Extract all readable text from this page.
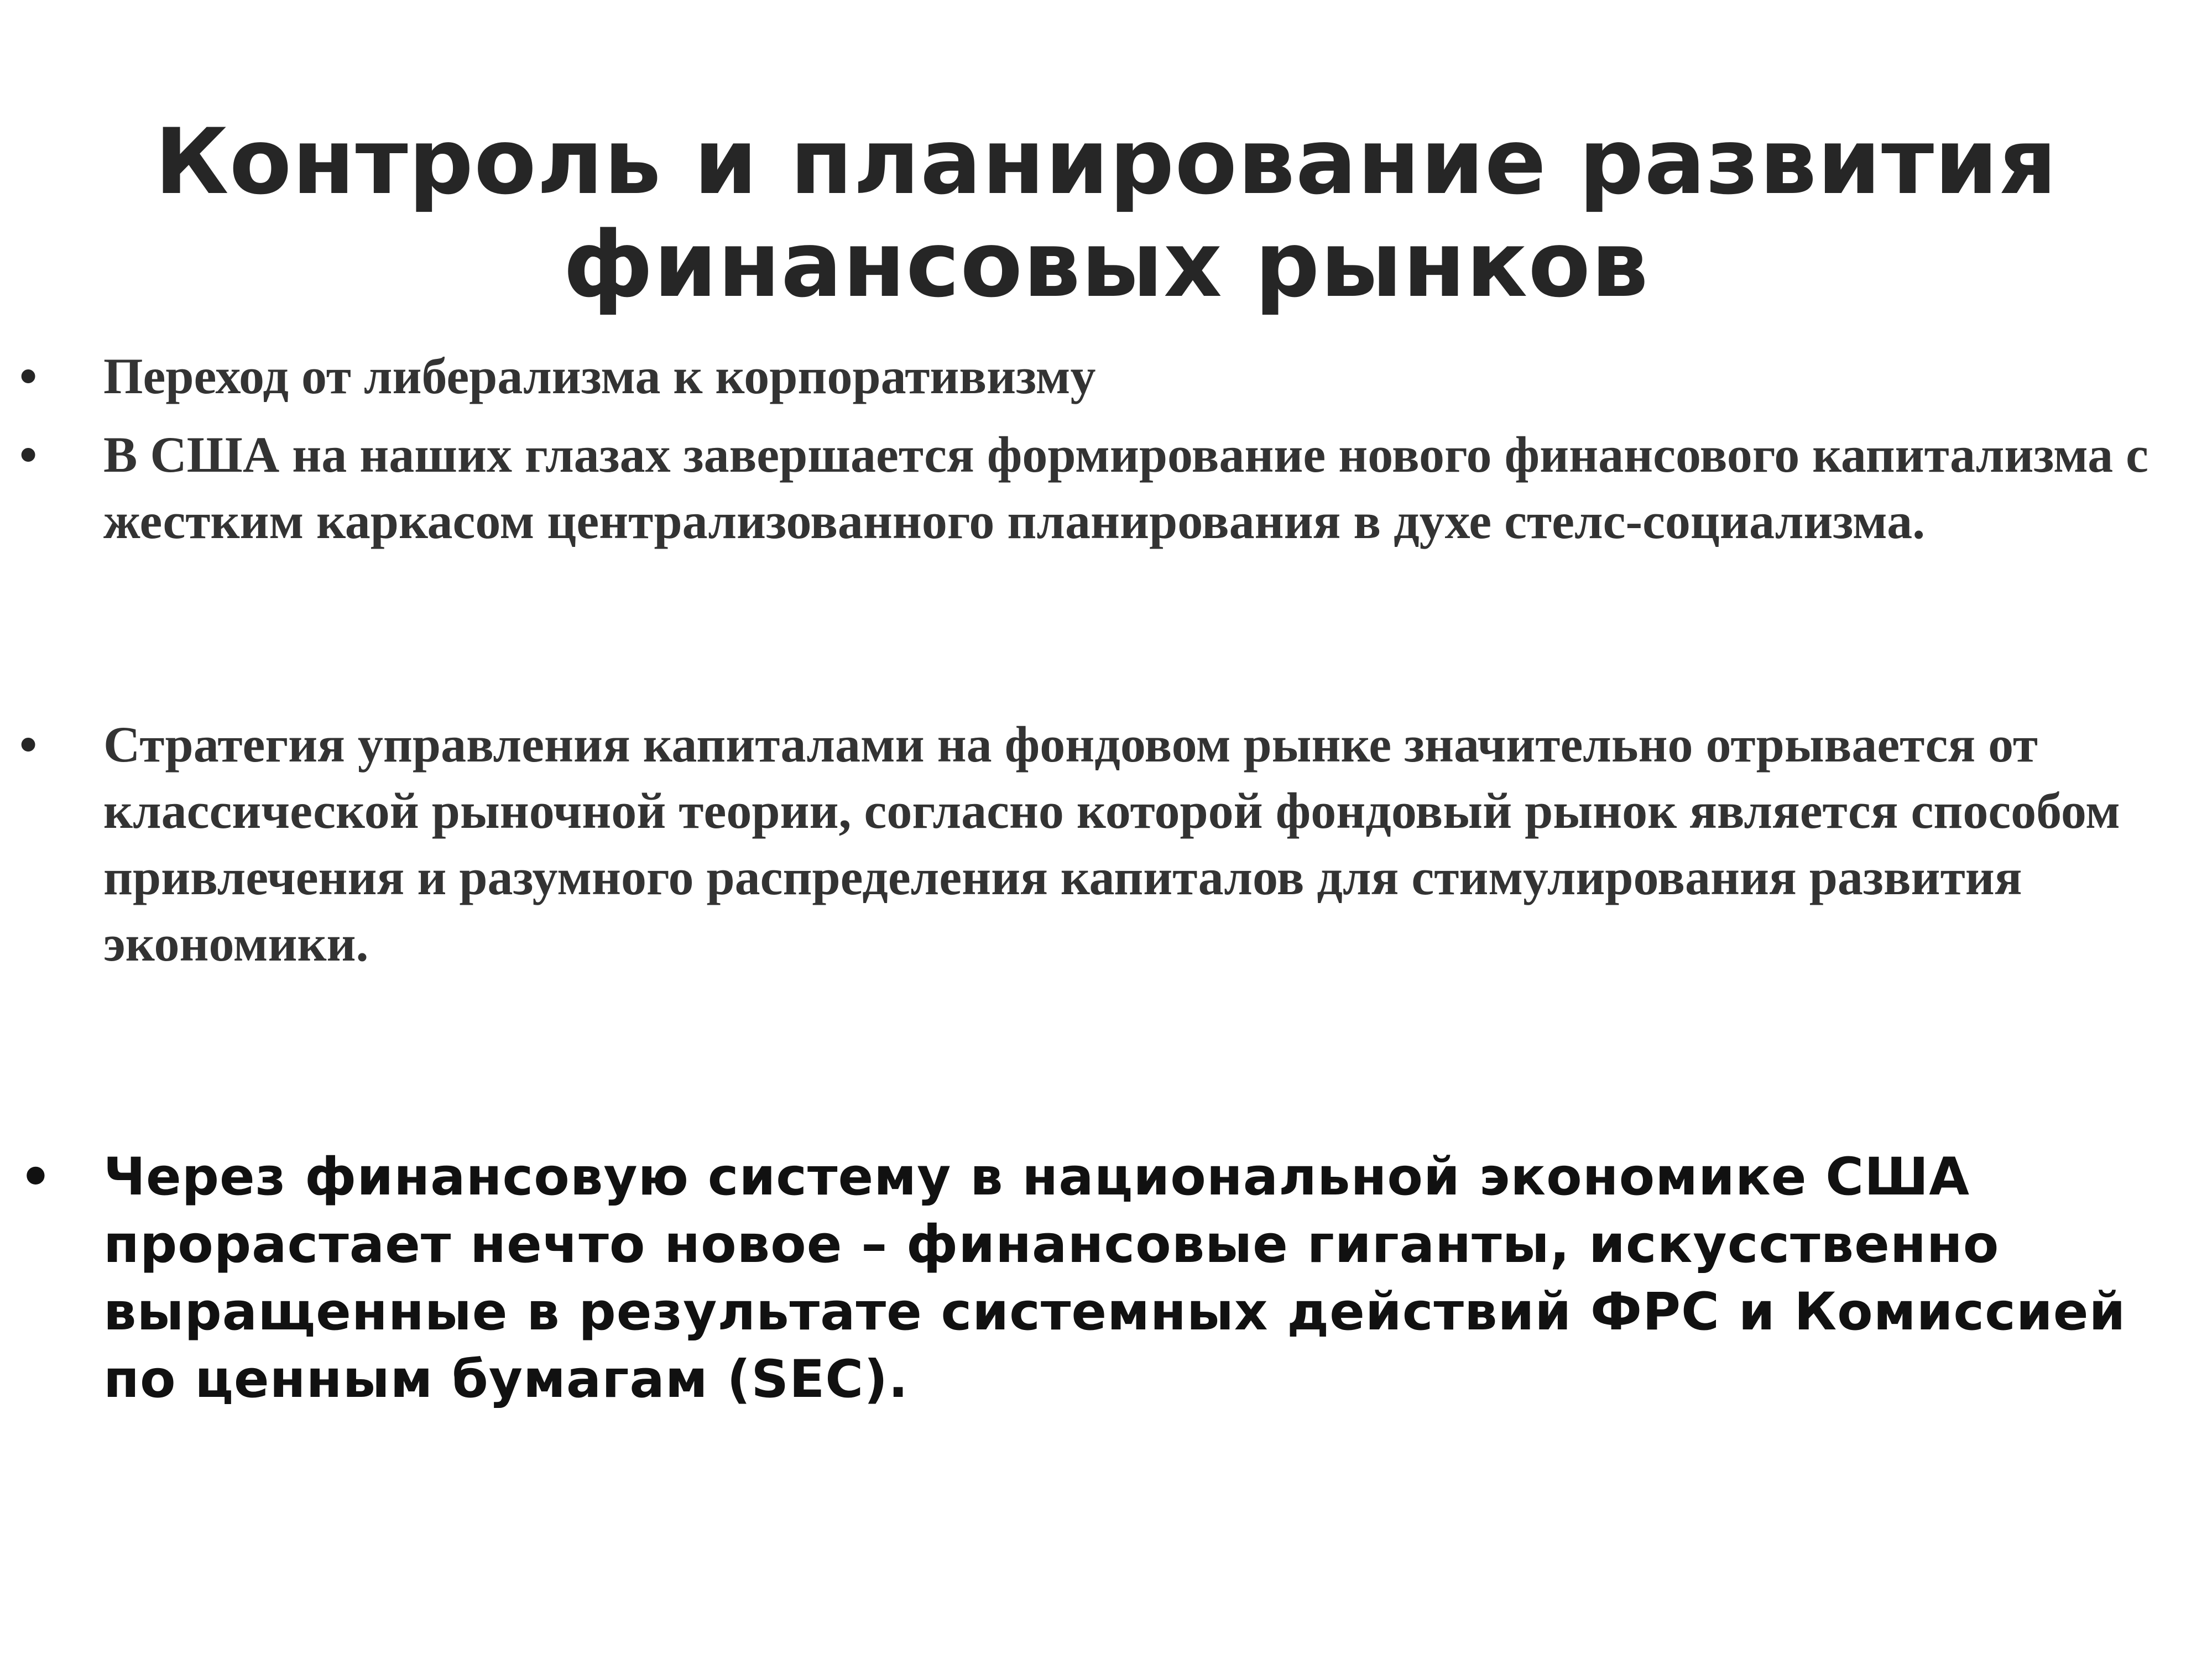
Контроль и планирование развития финансовых рынков
• Переход от либерализма к корпоративизму

• В США на наших глазах завершается формирование нового финансового капитализма с жестким каркасом централизованного планирования в духе стелс-социализма.

• Стратегия управления капиталами на фондовом рынке значительно отрывается от классической рыночной теории, согласно которой фондовый рынок является способом привлечения и разумного распределения капиталов для стимулирования развития экономики.

• Через финансовую систему в национальной экономике США прорастает нечто новое – финансовые гиганты, искусственно выращенные в результате системных действий ФРС и Комиссией по ценным бумагам (SEC).
